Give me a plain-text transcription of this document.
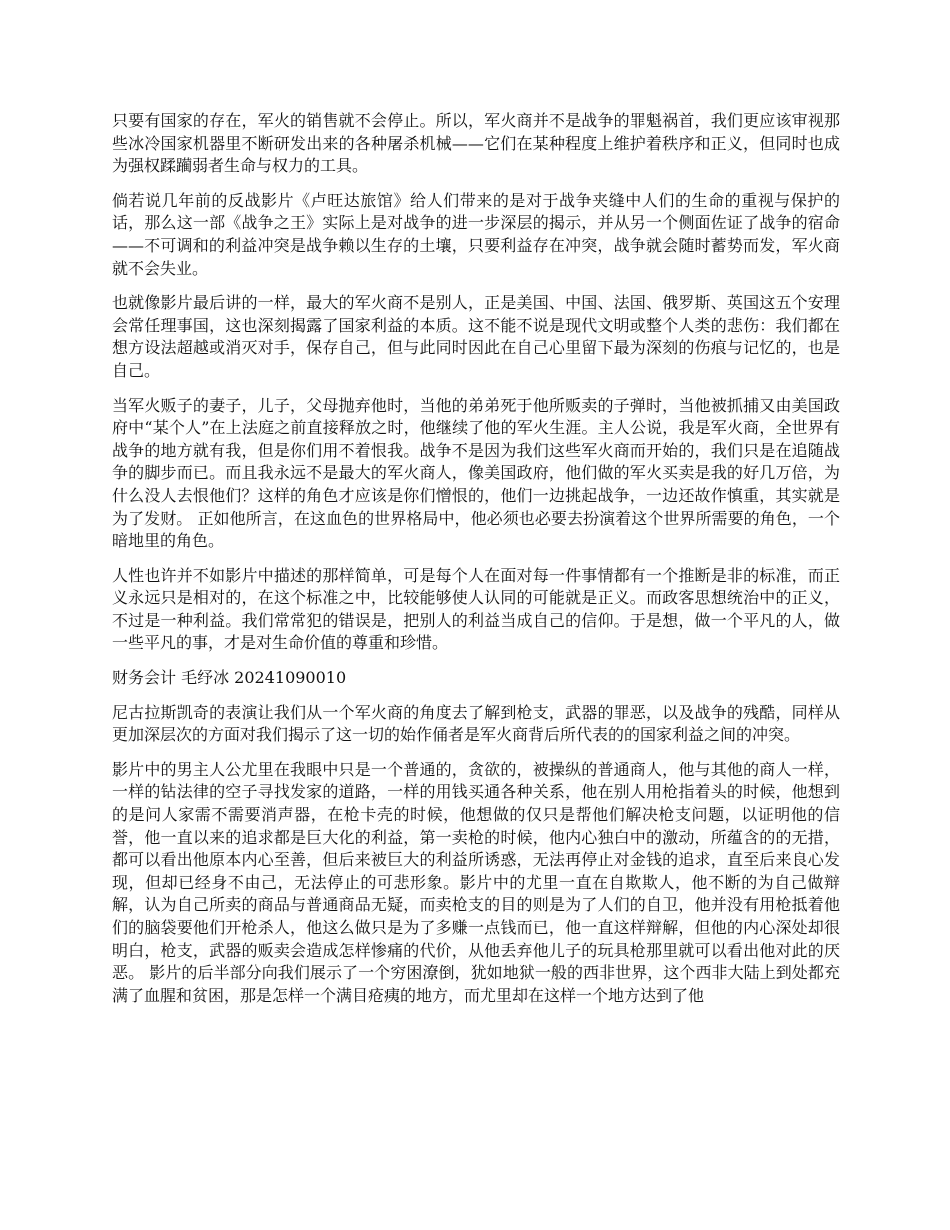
只要有国家的存在，军火的销售就不会停止。所以，军火商并不是战争的罪魁祸首，我们更应该审视那些冰冷国家机器里不断研发出来的各种屠杀机械——它们在某种程度上维护着秩序和正义，但同时也成为强权蹂躏弱者生命与权力的工具。

倘若说几年前的反战影片《卢旺达旅馆》给人们带来的是对于战争夹缝中人们的生命的重视与保护的话，那么这一部《战争之王》实际上是对战争的进一步深层的揭示，并从另一个侧面佐证了战争的宿命——不可调和的利益冲突是战争赖以生存的土壤，只要利益存在冲突，战争就会随时蓄势而发，军火商就不会失业。

也就像影片最后讲的一样，最大的军火商不是别人，正是美国、中国、法国、俄罗斯、英国这五个安理会常任理事国，这也深刻揭露了国家利益的本质。这不能不说是现代文明或整个人类的悲伤：我们都在想方设法超越或消灭对手，保存自己，但与此同时因此在自己心里留下最为深刻的伤痕与记忆的，也是自己。

当军火贩子的妻子，儿子，父母抛弃他时，当他的弟弟死于他所贩卖的子弹时，当他被抓捕又由美国政府中“某个人”在上法庭之前直接释放之时，他继续了他的军火生涯。主人公说，我是军火商，全世界有战争的地方就有我，但是你们用不着恨我。战争不是因为我们这些军火商而开始的，我们只是在追随战争的脚步而已。而且我永远不是最大的军火商人，像美国政府，他们做的军火买卖是我的好几万倍，为什么没人去恨他们？这样的角色才应该是你们憎恨的，他们一边挑起战争，一边还故作慎重，其实就是为了发财。 正如他所言，在这血色的世界格局中，他必须也必要去扮演着这个世界所需要的角色，一个暗地里的角色。

人性也许并不如影片中描述的那样简单，可是每个人在面对每一件事情都有一个推断是非的标准，而正义永远只是相对的，在这个标准之中，比较能够使人认同的可能就是正义。而政客思想统治中的正义，不过是一种利益。我们常常犯的错误是，把别人的利益当成自己的信仰。于是想，做一个平凡的人，做一些平凡的事，才是对生命价值的尊重和珍惜。

财务会计 毛纾冰 20241090010

尼古拉斯凯奇的表演让我们从一个军火商的角度去了解到枪支，武器的罪恶，以及战争的残酷，同样从更加深层次的方面对我们揭示了这一切的始作俑者是军火商背后所代表的的国家利益之间的冲突。

影片中的男主人公尤里在我眼中只是一个普通的，贪欲的，被操纵的普通商人，他与其他的商人一样，一样的钻法律的空子寻找发家的道路，一样的用钱买通各种关系，他在别人用枪指着头的时候，他想到的是问人家需不需要消声器，在枪卡壳的时候，他想做的仅只是帮他们解决枪支问题，以证明他的信誉，他一直以来的追求都是巨大化的利益，第一卖枪的时候，他内心独白中的激动，所蕴含的的无措，都可以看出他原本内心至善，但后来被巨大的利益所诱惑，无法再停止对金钱的追求，直至后来良心发现，但却已经身不由己，无法停止的可悲形象。影片中的尤里一直在自欺欺人，他不断的为自己做辩解，认为自己所卖的商品与普通商品无疑，而卖枪支的目的则是为了人们的自卫，他并没有用枪抵着他们的脑袋要他们开枪杀人，他这么做只是为了多赚一点钱而已，他一直这样辩解，但他的内心深处却很明白，枪支，武器的贩卖会造成怎样惨痛的代价，从他丢弃他儿子的玩具枪那里就可以看出他对此的厌恶。 影片的后半部分向我们展示了一个穷困潦倒，犹如地狱一般的西非世界，这个西非大陆上到处都充满了血腥和贫困，那是怎样一个满目疮痍的地方，而尤里却在这样一个地方达到了他
